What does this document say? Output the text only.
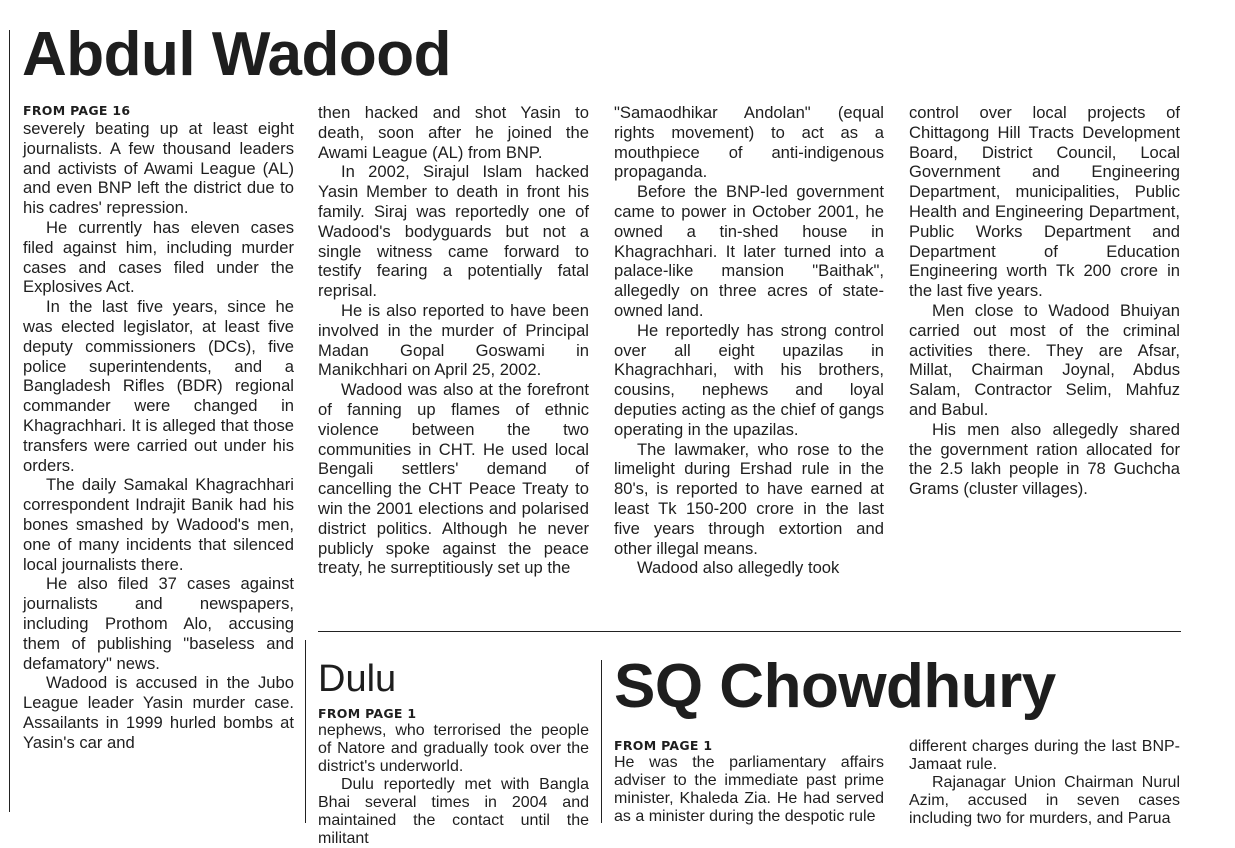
Abdul Wadood
FROM PAGE 16

severely beating up at least eight journalists. A few thousand leaders and activists of Awami League (AL) and even BNP left the district due to his cadres' repression.

He currently has eleven cases filed against him, including murder cases and cases filed under the Explosives Act.

In the last five years, since he was elected legislator, at least five deputy commissioners (DCs), five police superintendents, and a Bangladesh Rifles (BDR) regional commander were changed in Khagrachhari. It is alleged that those transfers were carried out under his orders.

The daily Samakal Khagrachhari correspondent Indrajit Banik had his bones smashed by Wadood's men, one of many incidents that silenced local journalists there.

He also filed 37 cases against journalists and newspapers, including Prothom Alo, accusing them of publishing "baseless and defamatory" news.

Wadood is accused in the Jubo League leader Yasin murder case. Assailants in 1999 hurled bombs at Yasin's car and

then hacked and shot Yasin to death, soon after he joined the Awami League (AL) from BNP.

In 2002, Sirajul Islam hacked Yasin Member to death in front his family. Siraj was reportedly one of Wadood's bodyguards but not a single witness came forward to testify fearing a potentially fatal reprisal.

He is also reported to have been involved in the murder of Principal Madan Gopal Goswami in Manikchhari on April 25, 2002.

Wadood was also at the forefront of fanning up flames of ethnic violence between the two communities in CHT. He used local Bengali settlers' demand of cancelling the CHT Peace Treaty to win the 2001 elections and polarised district politics. Although he never publicly spoke against the peace treaty, he surreptitiously set up the

"Samaodhikar Andolan" (equal rights movement) to act as a mouthpiece of anti-indigenous propaganda.

Before the BNP-led government came to power in October 2001, he owned a tin-shed house in Khagrachhari. It later turned into a palace-like mansion "Baithak", allegedly on three acres of state-owned land.

He reportedly has strong control over all eight upazilas in Khagrachhari, with his brothers, cousins, nephews and loyal deputies acting as the chief of gangs operating in the upazilas.

The lawmaker, who rose to the limelight during Ershad rule in the 80's, is reported to have earned at least Tk 150-200 crore in the last five years through extortion and other illegal means.

Wadood also allegedly took

control over local projects of Chittagong Hill Tracts Development Board, District Council, Local Government and Engineering Department, municipalities, Public Health and Engineering Department, Public Works Department and Department of Education Engineering worth Tk 200 crore in the last five years.

Men close to Wadood Bhuiyan carried out most of the criminal activities there. They are Afsar, Millat, Chairman Joynal, Abdus Salam, Contractor Selim, Mahfuz and Babul.

His men also allegedly shared the government ration allocated for the 2.5 lakh people in 78 Guchcha Grams (cluster villages).

Dulu
FROM PAGE 1

nephews, who terrorised the people of Natore and gradually took over the district's underworld.

Dulu reportedly met with Bangla Bhai several times in 2004 and maintained the contact until the militant

SQ Chowdhury
FROM PAGE 1

He was the parliamentary affairs adviser to the immediate past prime minister, Khaleda Zia. He had served as a minister during the despotic rule

different charges during the last BNP-Jamaat rule.

Rajanagar Union Chairman Nurul Azim, accused in seven cases including two for murders, and Parua
